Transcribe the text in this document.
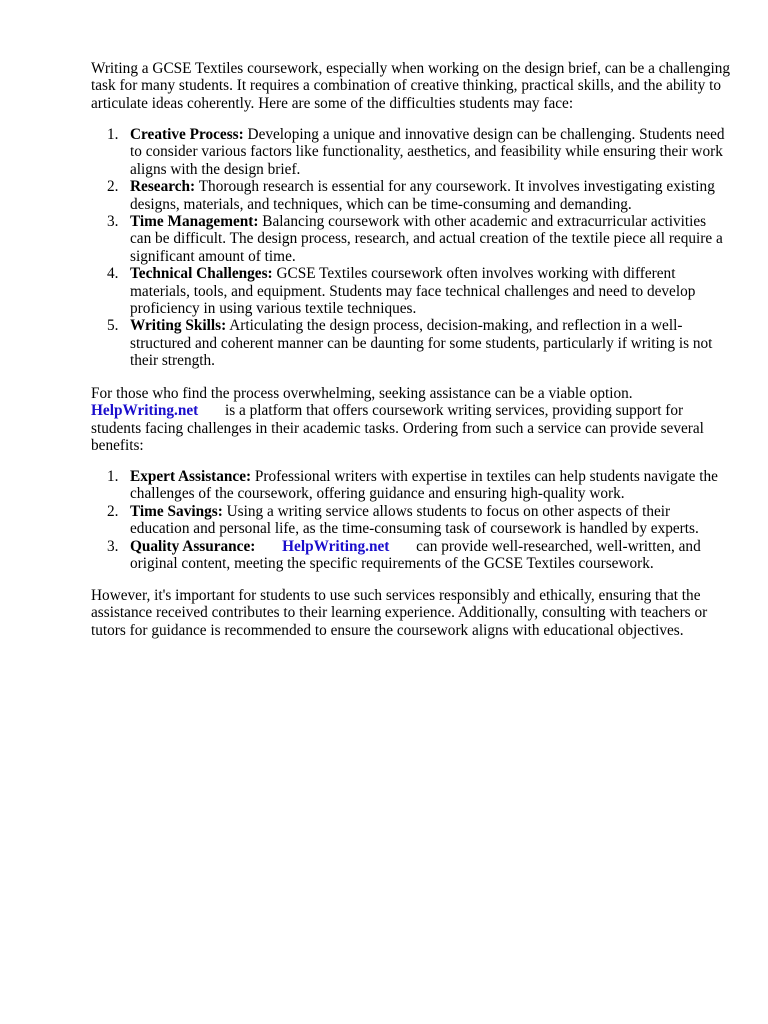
Writing a GCSE Textiles coursework, especially when working on the design brief, can be a challenging task for many students. It requires a combination of creative thinking, practical skills, and the ability to articulate ideas coherently. Here are some of the difficulties students may face:

1. Creative Process: Developing a unique and innovative design can be challenging. Students need to consider various factors like functionality, aesthetics, and feasibility while ensuring their work aligns with the design brief.
2. Research: Thorough research is essential for any coursework. It involves investigating existing designs, materials, and techniques, which can be time-consuming and demanding.
3. Time Management: Balancing coursework with other academic and extracurricular activities can be difficult. The design process, research, and actual creation of the textile piece all require a significant amount of time.
4. Technical Challenges: GCSE Textiles coursework often involves working with different materials, tools, and equipment. Students may face technical challenges and need to develop proficiency in using various textile techniques.
5. Writing Skills: Articulating the design process, decision-making, and reflection in a well-structured and coherent manner can be daunting for some students, particularly if writing is not their strength.

For those who find the process overwhelming, seeking assistance can be a viable option. HelpWriting.net is a platform that offers coursework writing services, providing support for students facing challenges in their academic tasks. Ordering from such a service can provide several benefits:

1. Expert Assistance: Professional writers with expertise in textiles can help students navigate the challenges of the coursework, offering guidance and ensuring high-quality work.
2. Time Savings: Using a writing service allows students to focus on other aspects of their education and personal life, as the time-consuming task of coursework is handled by experts.
3. Quality Assurance: HelpWriting.net can provide well-researched, well-written, and original content, meeting the specific requirements of the GCSE Textiles coursework.

However, it's important for students to use such services responsibly and ethically, ensuring that the assistance received contributes to their learning experience. Additionally, consulting with teachers or tutors for guidance is recommended to ensure the coursework aligns with educational objectives.
